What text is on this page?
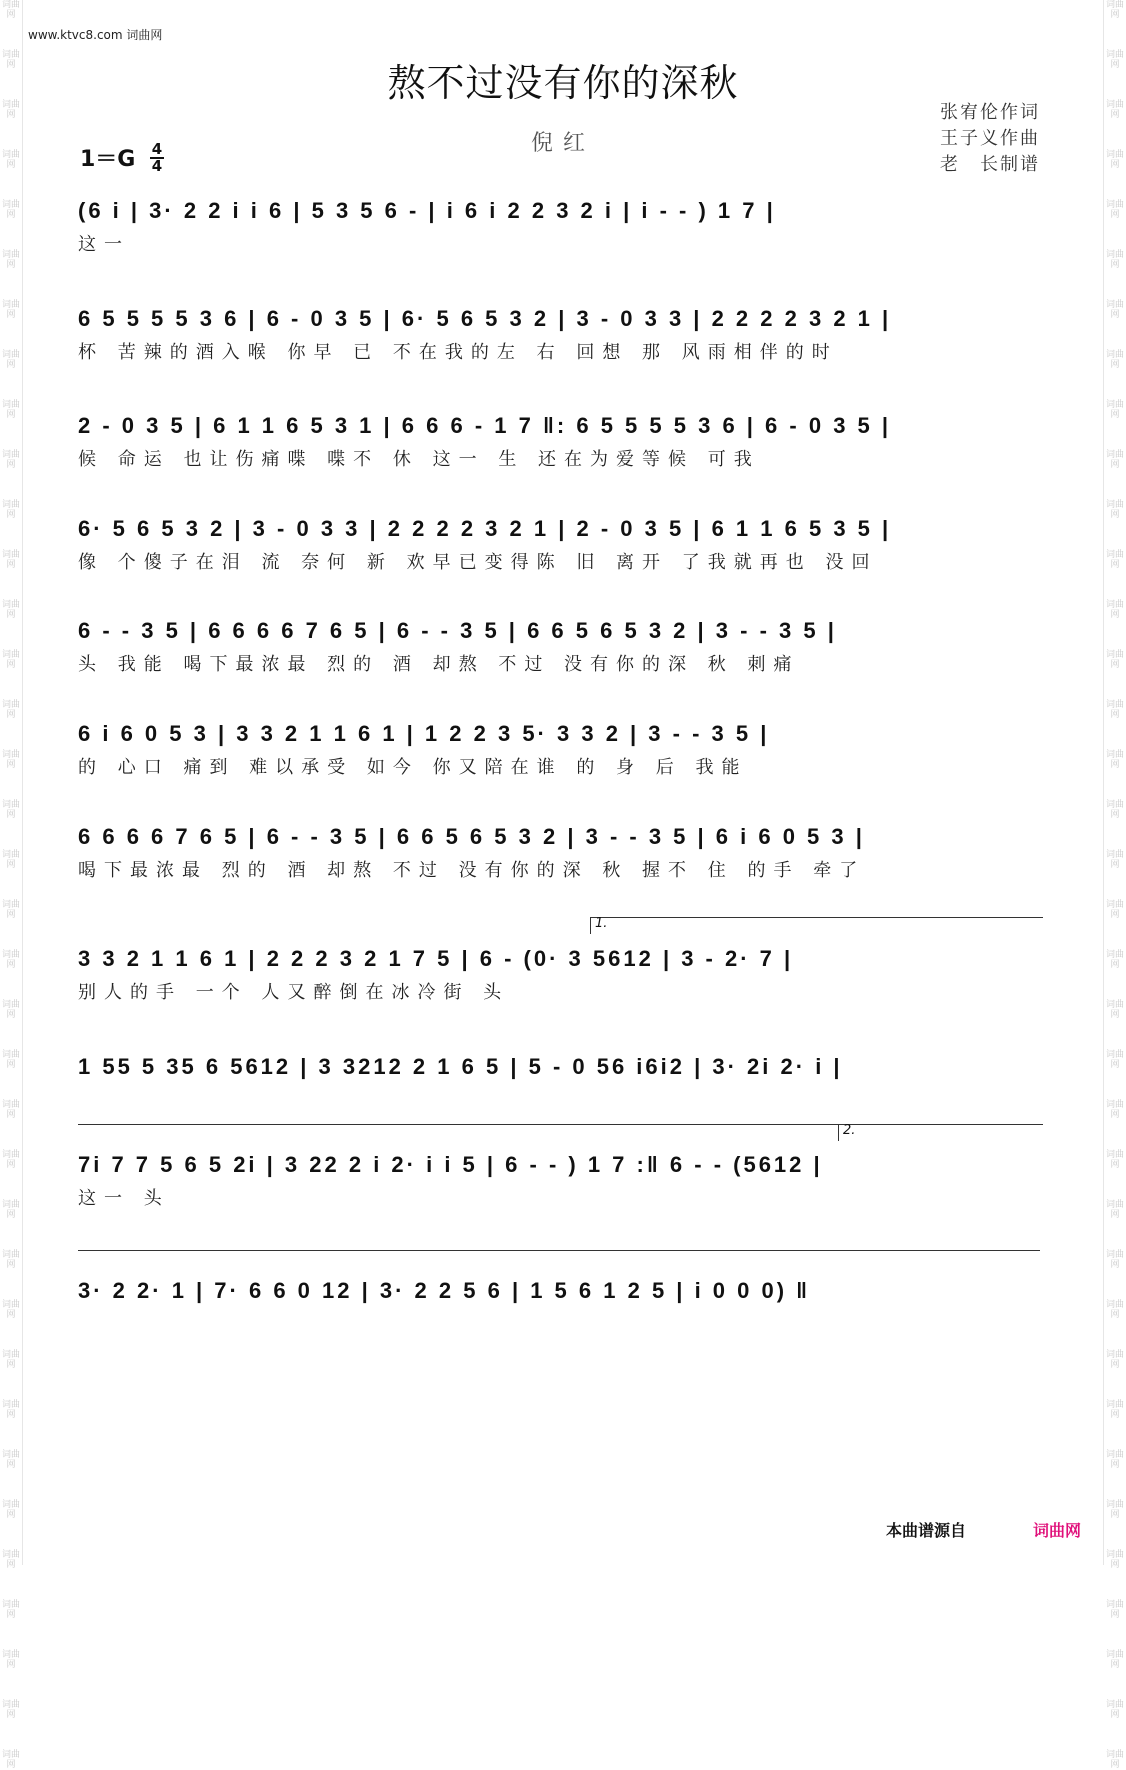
词曲网
词曲网
词曲网
词曲网
词曲网
词曲网
词曲网
词曲网
词曲网
词曲网
词曲网
词曲网
词曲网
词曲网
词曲网
词曲网
词曲网
词曲网
词曲网
词曲网
词曲网
词曲网
词曲网
词曲网
词曲网
词曲网
词曲网
词曲网
词曲网
词曲网
词曲网
词曲网
词曲网
词曲网
词曲网
词曲网
词曲网
词曲网
词曲网
词曲网
词曲网
词曲网
词曲网
词曲网
词曲网
词曲网
词曲网
词曲网
词曲网
词曲网
词曲网
词曲网
词曲网
词曲网
词曲网
词曲网
词曲网
词曲网
词曲网
词曲网
词曲网
词曲网
词曲网
词曲网
词曲网
词曲网
词曲网
词曲网
词曲网
词曲网
词曲网
词曲网
www.ktvc8.com 词曲网
熬不过没有你的深秋
倪红
张宥伦作词
王子义作曲
老　长制谱
1＝G 4
4
(6 i | 3· 2 2 i i 6 | 5 3 5 6 - | i 6 i 2 2 3 2 i | i - - ) 1 7 |
这一
6 5 5 5 5 3 6 | 6 - 0 3 5 | 6· 5 6 5 3 2 | 3 - 0 3 3 | 2 2 2 2 3 2 1 |
杯 苦辣的酒入喉 你早 已 不在我的左 右 回想 那 风雨相伴的时
2 - 0 3 5 | 6 1 1 6 5 3 1 | 6 6 6 - 1 7 ‖: 6 5 5 5 5 3 6 | 6 - 0 3 5 |
候 命运 也让伤痛喋 喋不 休 这一 生 还在为爱等候 可我
6· 5 6 5 3 2 | 3 - 0 3 3 | 2 2 2 2 3 2 1 | 2 - 0 3 5 | 6 1 1 6 5 3 5 |
像 个傻子在泪 流 奈何 新 欢早已变得陈 旧 离开 了我就再也 没回
6 - - 3 5 | 6 6 6 6 7 6 5 | 6 - - 3 5 | 6 6 5 6 5 3 2 | 3 - - 3 5 |
头 我能 喝下最浓最 烈的 酒 却熬 不过 没有你的深 秋 刺痛
6 i 6 0 5 3 | 3 3 2 1 1 6 1 | 1 2 2 3 5· 3 3 2 | 3 - - 3 5 |
的 心口 痛到 难以承受 如今 你又陪在谁 的 身 后 我能
6 6 6 6 7 6 5 | 6 - - 3 5 | 6 6 5 6 5 3 2 | 3 - - 3 5 | 6 i 6 0 5 3 |
喝下最浓最 烈的 酒 却熬 不过 没有你的深 秋 握不 住 的手 牵了
1.
3 3 2 1 1 6 1 | 2 2 2 3 2 1 7 5 | 6 - (0· 3 5612 | 3 - 2· 7 |
别人的手 一个 人又醉倒在冰冷街 头
1 55 5 35 6 5612 | 3 3212 2 1 6 5 | 5 - 0 56 i6i2 | 3· 2i 2· i |
2.
7i 7 7 5 6 5 2i | 3 22 2 i 2· i i 5 | 6 - - ) 1 7 :‖ 6 - - (5612 |
这一 头
3· 2 2· 1 | 7· 6 6 0 12 | 3· 2 2 5 6 | 1 5 6 1 2 5 | i 0 0 0) ‖
本曲谱源自	词曲网
